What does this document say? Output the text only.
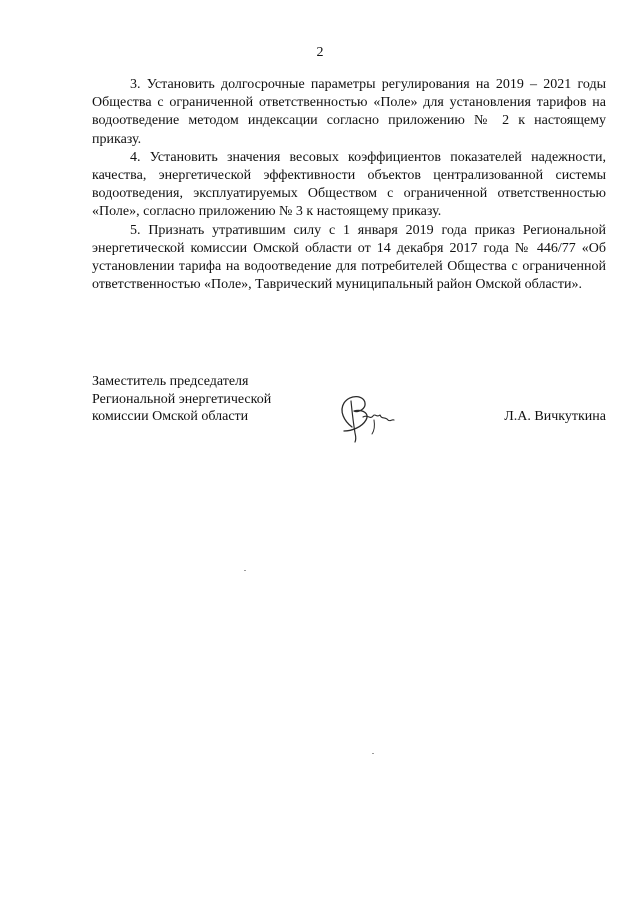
2

3. Установить долгосрочные параметры регулирования на 2019 – 2021 годы Общества с ограниченной ответственностью «Поле» для установления тарифов на водоотведение методом индексации согласно приложению № 2 к настоящему приказу.

4. Установить значения весовых коэффициентов показателей надежности, качества, энергетической эффективности объектов централизованной системы водоотведения, эксплуатируемых Обществом с ограниченной ответственностью «Поле», согласно приложению № 3 к настоящему приказу.

5. Признать утратившим силу с 1 января 2019 года приказ Региональной энергетической комиссии Омской области от 14 декабря 2017 года № 446/77 «Об установлении тарифа на водоотведение для потребителей Общества с ограниченной ответственностью «Поле», Таврический муниципальный район Омской области».

Заместитель председателя
Региональной энергетической
комиссии Омской области	Л.А. Вичкуткина
